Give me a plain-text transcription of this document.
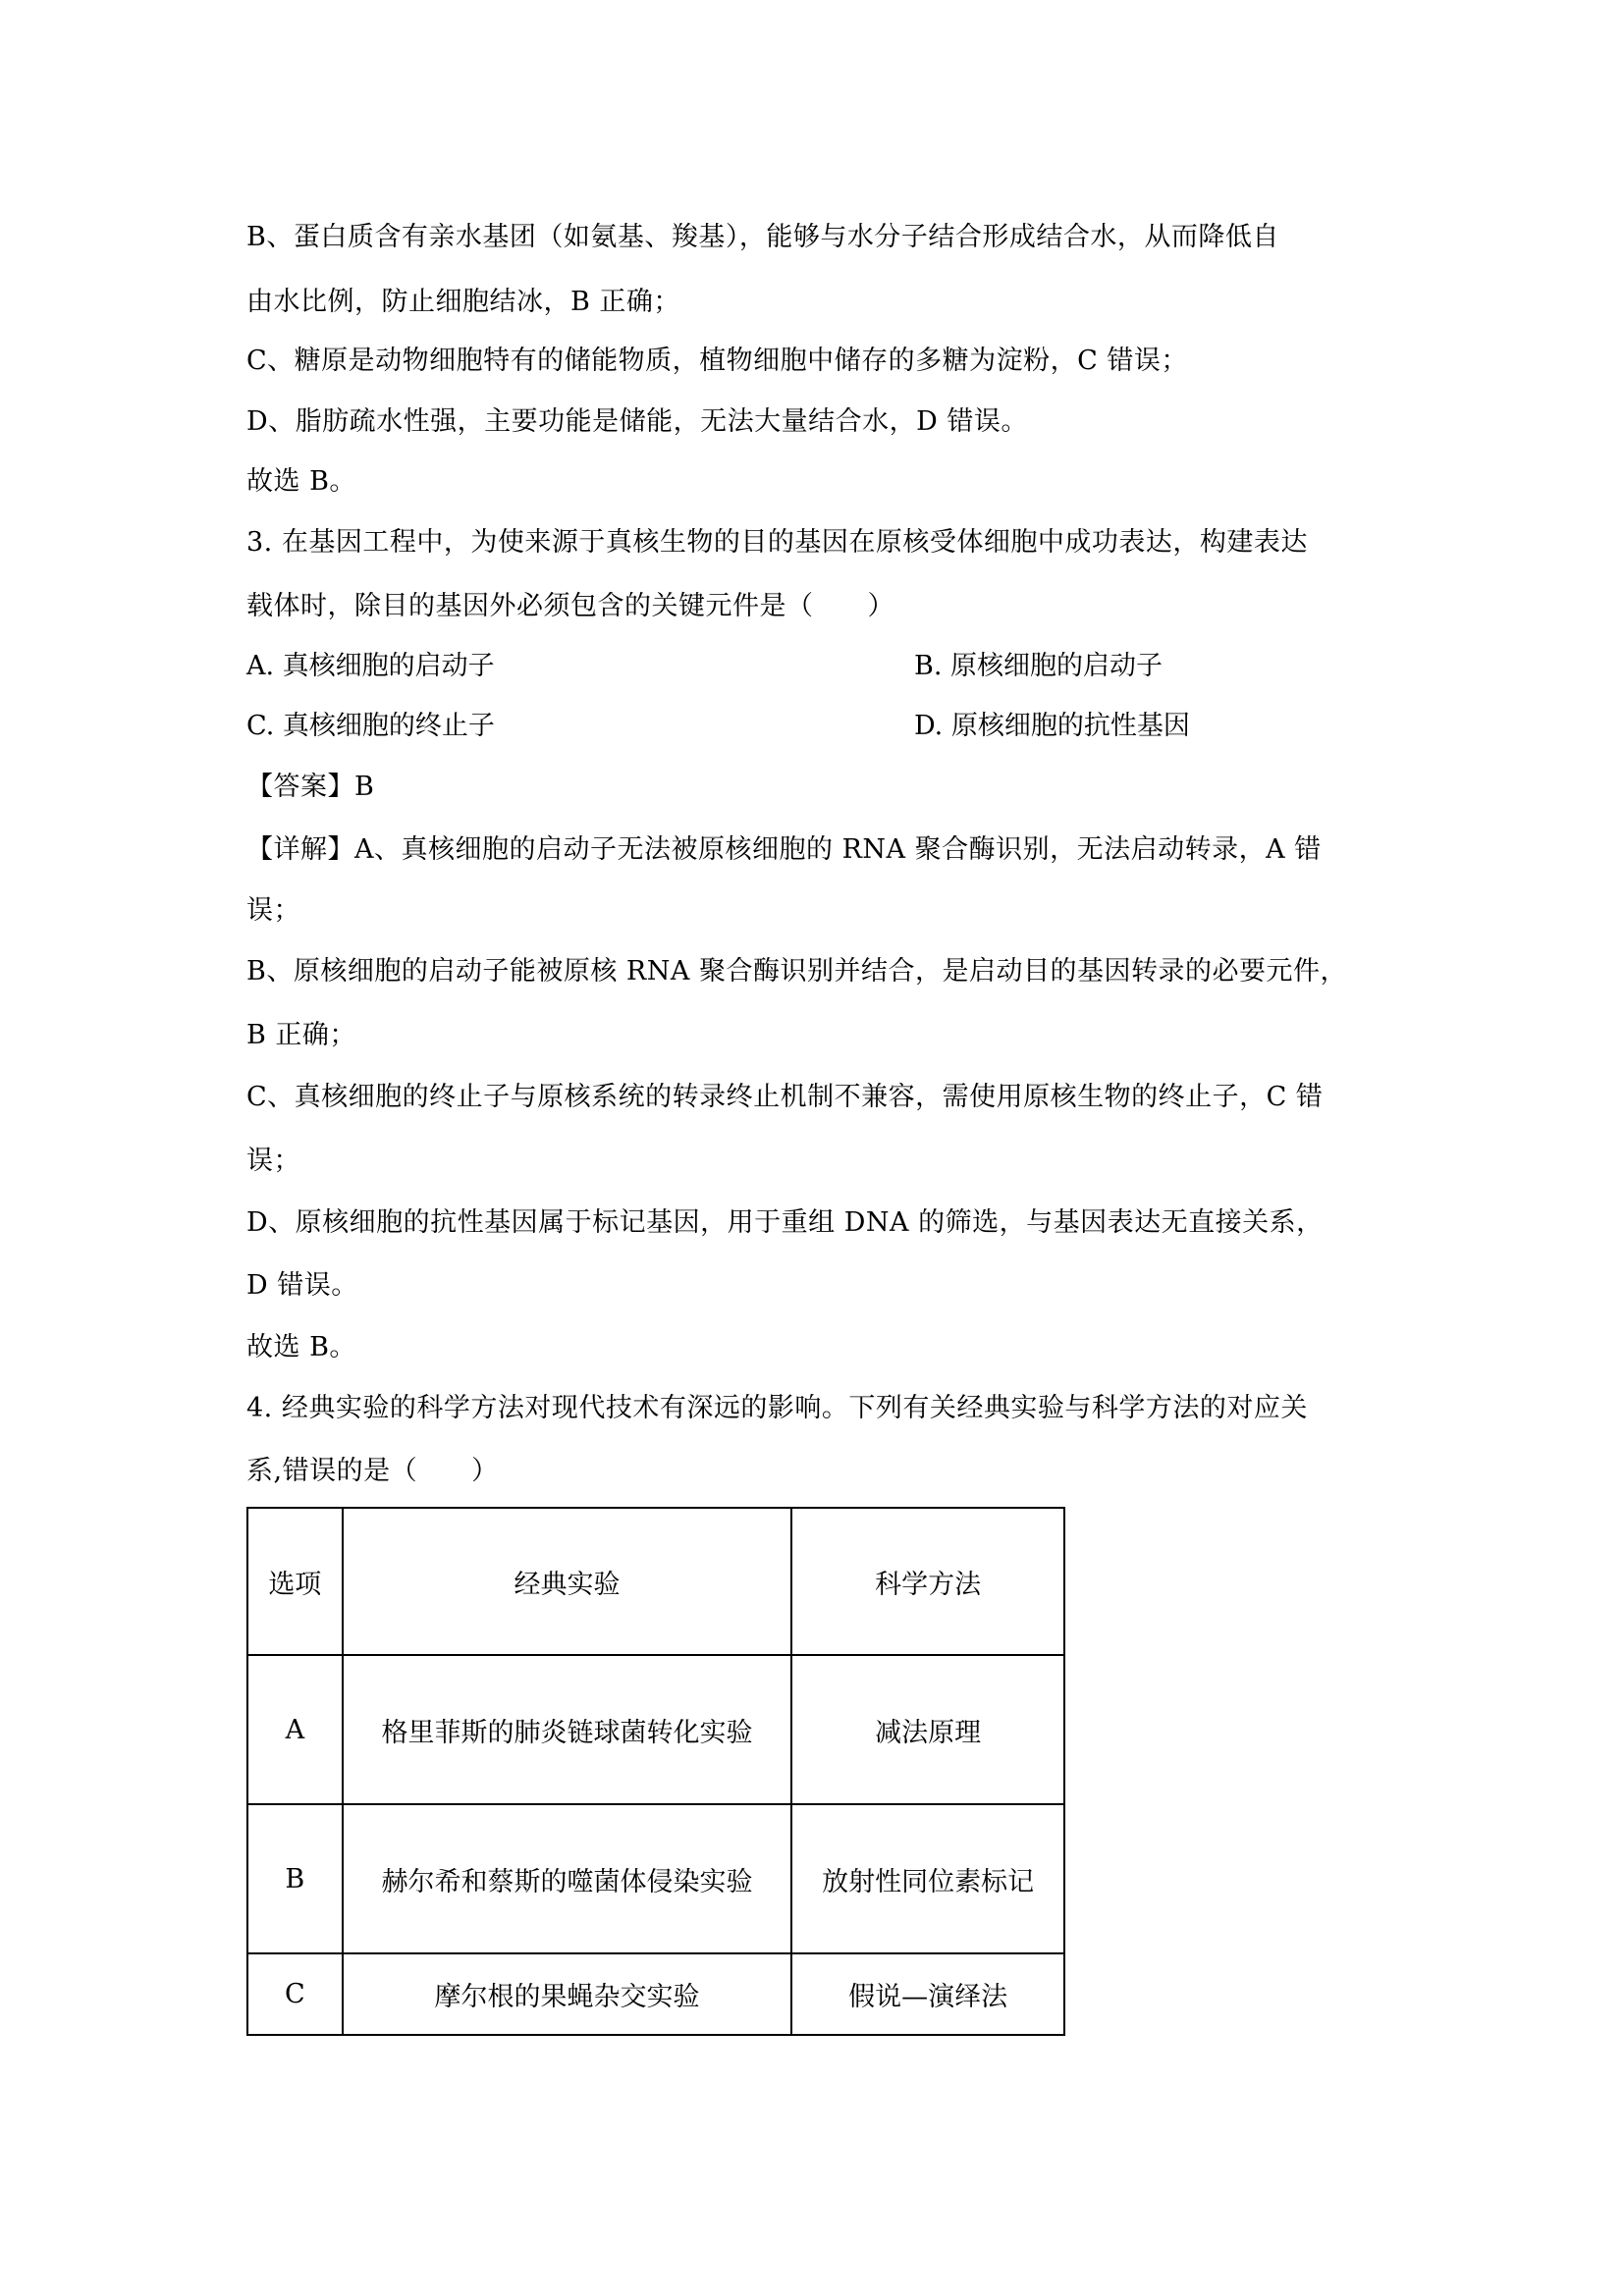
B、蛋白质含有亲水基团（如氨基、羧基），能够与水分子结合形成结合水，从而降低自
由水比例，防止细胞结冰，B 正确；
C、糖原是动物细胞特有的储能物质，植物细胞中储存的多糖为淀粉，C 错误；
D、脂肪疏水性强，主要功能是储能，无法大量结合水，D 错误。
故选 B。
3. 在基因工程中，为使来源于真核生物的目的基因在原核受体细胞中成功表达，构建表达
载体时，除目的基因外必须包含的关键元件是（　　）
A. 真核细胞的启动子	B. 原核细胞的启动子
C. 真核细胞的终止子	D. 原核细胞的抗性基因
【答案】B
【详解】A、真核细胞的启动子无法被原核细胞的 RNA 聚合酶识别，无法启动转录，A 错
误；
B、原核细胞的启动子能被原核 RNA 聚合酶识别并结合，是启动目的基因转录的必要元件，
B 正确；
C、真核细胞的终止子与原核系统的转录终止机制不兼容，需使用原核生物的终止子，C 错
误；
D、原核细胞的抗性基因属于标记基因，用于重组 DNA 的筛选，与基因表达无直接关系，
D 错误。
故选 B。
4. 经典实验的科学方法对现代技术有深远的影响。下列有关经典实验与科学方法的对应关
系,错误的是（　　）
选项	经典实验	科学方法
A	格里菲斯的肺炎链球菌转化实验	减法原理
B	赫尔希和蔡斯的噬菌体侵染实验	放射性同位素标记
C	摩尔根的果蝇杂交实验	假说—演绎法
